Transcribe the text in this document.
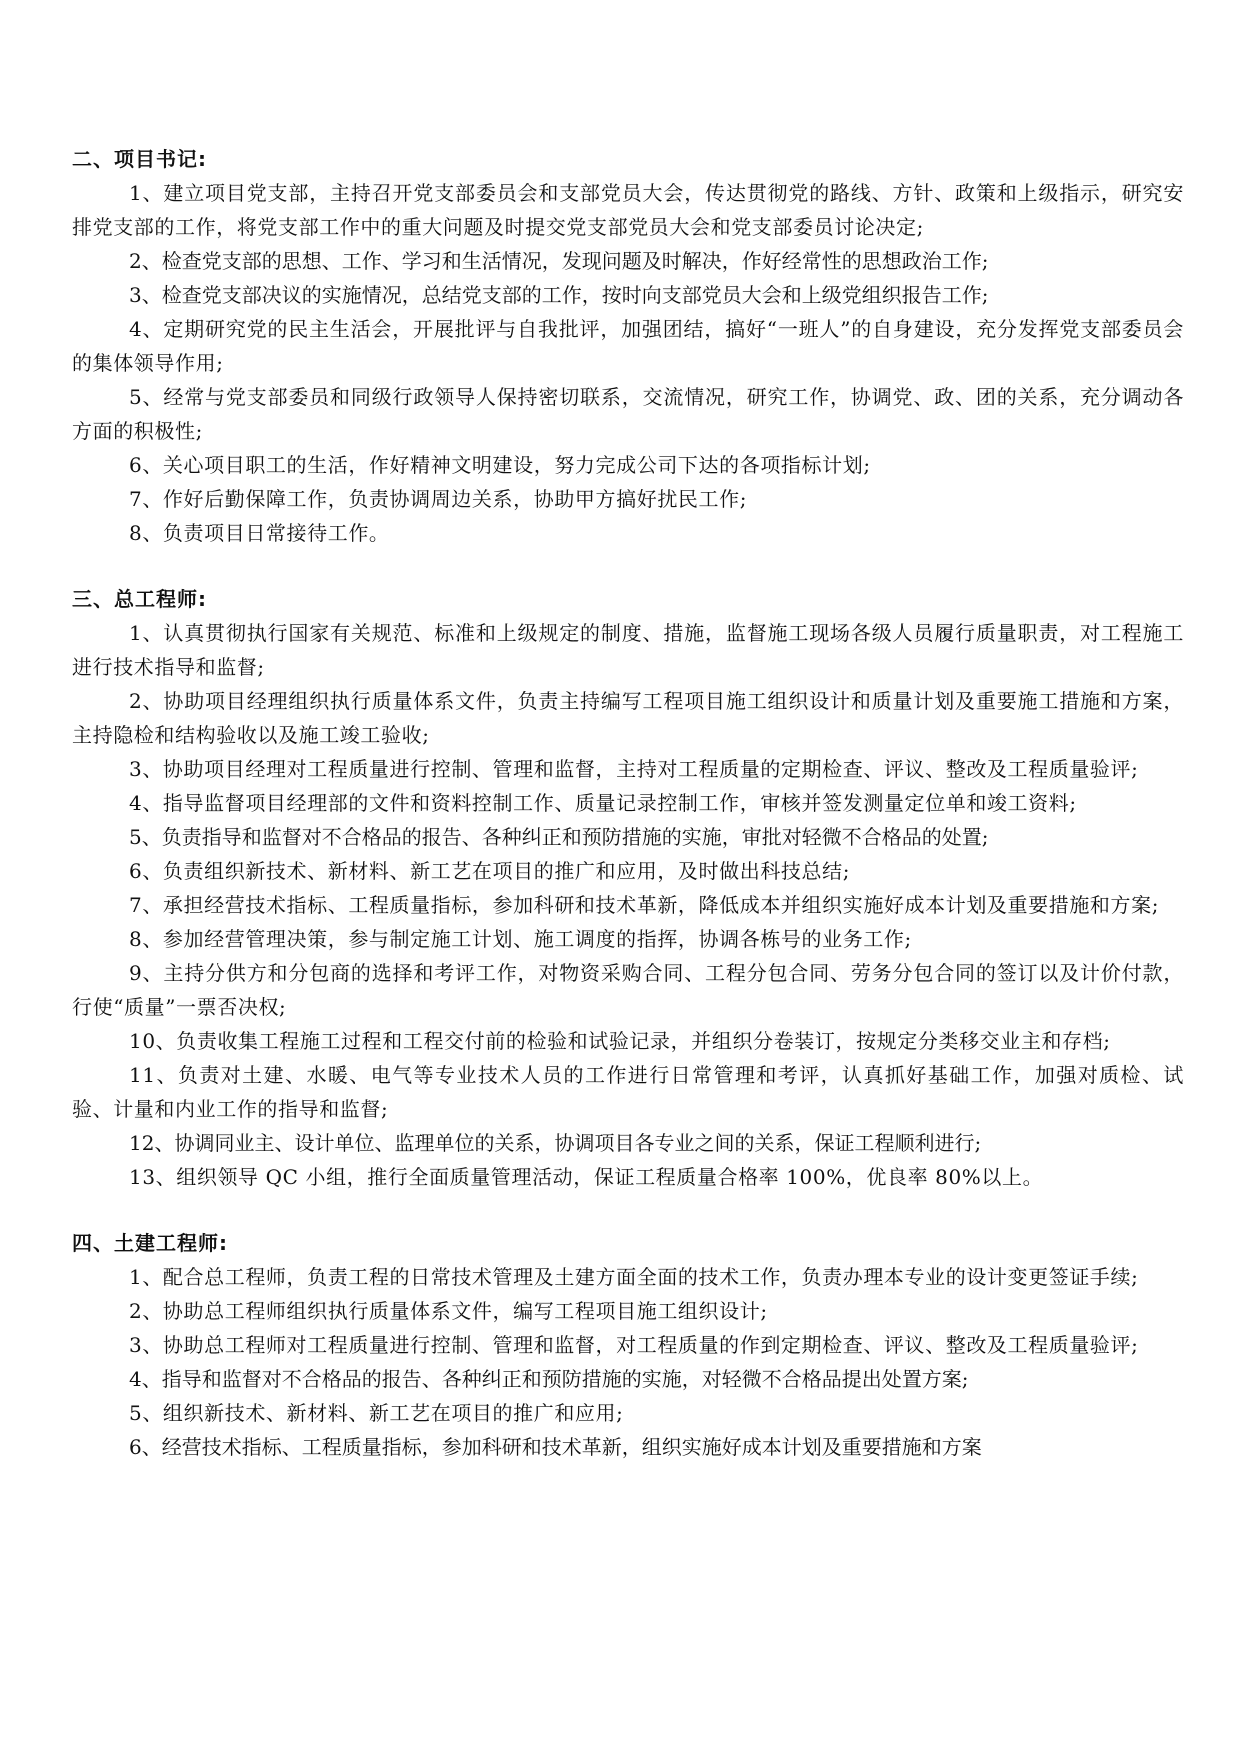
二、项目书记:

1、建立项目党支部，主持召开党支部委员会和支部党员大会，传达贯彻党的路线、方针、政策和上级指示，研究安排党支部的工作，将党支部工作中的重大问题及时提交党支部党员大会和党支部委员讨论决定;

2、检查党支部的思想、工作、学习和生活情况，发现问题及时解决，作好经常性的思想政治工作;

3、检查党支部决议的实施情况，总结党支部的工作，按时向支部党员大会和上级党组织报告工作;

4、定期研究党的民主生活会，开展批评与自我批评，加强团结，搞好“一班人”的自身建设，充分发挥党支部委员会的集体领导作用;

5、经常与党支部委员和同级行政领导人保持密切联系，交流情况，研究工作，协调党、政、团的关系，充分调动各方面的积极性;

6、关心项目职工的生活，作好精神文明建设，努力完成公司下达的各项指标计划;

7、作好后勤保障工作，负责协调周边关系，协助甲方搞好扰民工作;

8、负责项目日常接待工作。

三、总工程师:

1、认真贯彻执行国家有关规范、标准和上级规定的制度、措施，监督施工现场各级人员履行质量职责，对工程施工进行技术指导和监督;

2、协助项目经理组织执行质量体系文件，负责主持编写工程项目施工组织设计和质量计划及重要施工措施和方案，主持隐检和结构验收以及施工竣工验收;

3、协助项目经理对工程质量进行控制、管理和监督，主持对工程质量的定期检查、评议、整改及工程质量验评;

4、指导监督项目经理部的文件和资料控制工作、质量记录控制工作，审核并签发测量定位单和竣工资料;

5、负责指导和监督对不合格品的报告、各种纠正和预防措施的实施，审批对轻微不合格品的处置;

6、负责组织新技术、新材料、新工艺在项目的推广和应用，及时做出科技总结;

7、承担经营技术指标、工程质量指标，参加科研和技术革新，降低成本并组织实施好成本计划及重要措施和方案;

8、参加经营管理决策，参与制定施工计划、施工调度的指挥，协调各栋号的业务工作;

9、主持分供方和分包商的选择和考评工作，对物资采购合同、工程分包合同、劳务分包合同的签订以及计价付款，行使“质量”一票否决权;

10、负责收集工程施工过程和工程交付前的检验和试验记录，并组织分卷装订，按规定分类移交业主和存档;

11、负责对土建、水暖、电气等专业技术人员的工作进行日常管理和考评，认真抓好基础工作，加强对质检、试验、计量和内业工作的指导和监督;

12、协调同业主、设计单位、监理单位的关系，协调项目各专业之间的关系，保证工程顺利进行;

13、组织领导 QC 小组，推行全面质量管理活动，保证工程质量合格率 100%，优良率 80%以上。

四、土建工程师:

1、配合总工程师，负责工程的日常技术管理及土建方面全面的技术工作，负责办理本专业的设计变更签证手续;

2、协助总工程师组织执行质量体系文件，编写工程项目施工组织设计;

3、协助总工程师对工程质量进行控制、管理和监督，对工程质量的作到定期检查、评议、整改及工程质量验评;

4、指导和监督对不合格品的报告、各种纠正和预防措施的实施，对轻微不合格品提出处置方案;

5、组织新技术、新材料、新工艺在项目的推广和应用;

6、经营技术指标、工程质量指标，参加科研和技术革新，组织实施好成本计划及重要措施和方案
